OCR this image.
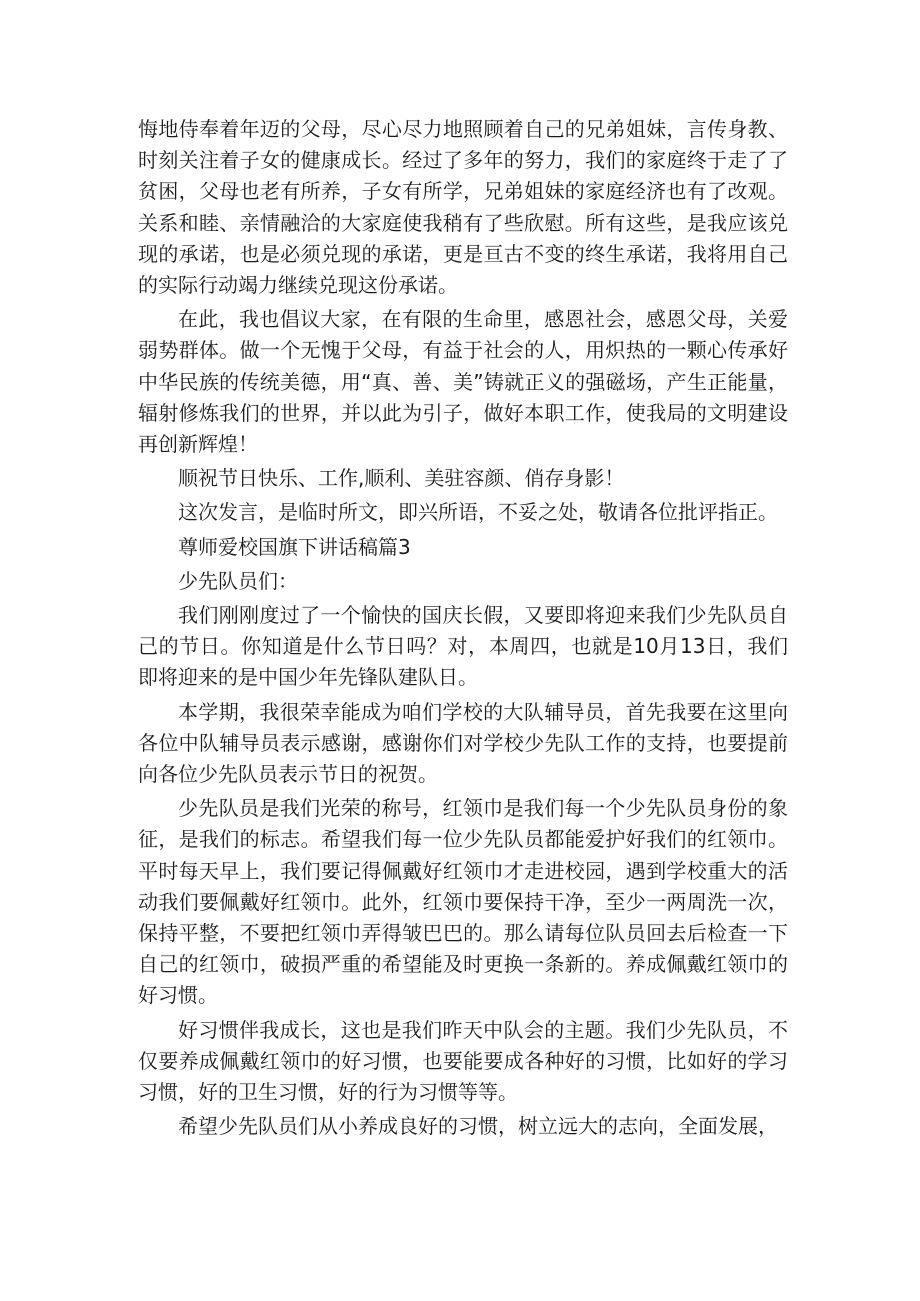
悔地侍奉着年迈的父母，尽心尽力地照顾着自己的兄弟姐妹，言传身教、时刻关注着子女的健康成长。经过了多年的努力，我们的家庭终于走了了贫困，父母也老有所养，子女有所学，兄弟姐妹的家庭经济也有了改观。关系和睦、亲情融洽的大家庭使我稍有了些欣慰。所有这些，是我应该兑现的承诺，也是必须兑现的承诺，更是亘古不变的终生承诺，我将用自己的实际行动竭力继续兑现这份承诺。

在此，我也倡议大家，在有限的生命里，感恩社会，感恩父母，关爱弱势群体。做一个无愧于父母，有益于社会的人，用炽热的一颗心传承好中华民族的传统美德，用“真、善、美”铸就正义的强磁场，产生正能量，辐射修炼我们的世界，并以此为引子，做好本职工作，使我局的文明建设再创新辉煌！

顺祝节日快乐、工作,顺利、美驻容颜、俏存身影！

这次发言，是临时所文，即兴所语，不妥之处，敬请各位批评指正。

尊师爱校国旗下讲话稿篇3

少先队员们：

我们刚刚度过了一个愉快的国庆长假，又要即将迎来我们少先队员自己的节日。你知道是什么节日吗？对，本周四，也就是10月13日，我们即将迎来的是中国少年先锋队建队日。

本学期，我很荣幸能成为咱们学校的大队辅导员，首先我要在这里向各位中队辅导员表示感谢，感谢你们对学校少先队工作的支持，也要提前向各位少先队员表示节日的祝贺。

少先队员是我们光荣的称号，红领巾是我们每一个少先队员身份的象征，是我们的标志。希望我们每一位少先队员都能爱护好我们的红领巾。平时每天早上，我们要记得佩戴好红领巾才走进校园，遇到学校重大的活动我们要佩戴好红领巾。此外，红领巾要保持干净，至少一两周洗一次，保持平整，不要把红领巾弄得皱巴巴的。那么请每位队员回去后检查一下自己的红领巾，破损严重的希望能及时更换一条新的。养成佩戴红领巾的好习惯。

好习惯伴我成长，这也是我们昨天中队会的主题。我们少先队员，不仅要养成佩戴红领巾的好习惯，也要能要成各种好的习惯，比如好的学习习惯，好的卫生习惯，好的行为习惯等等。

希望少先队员们从小养成良好的习惯，树立远大的志向，全面发展，
